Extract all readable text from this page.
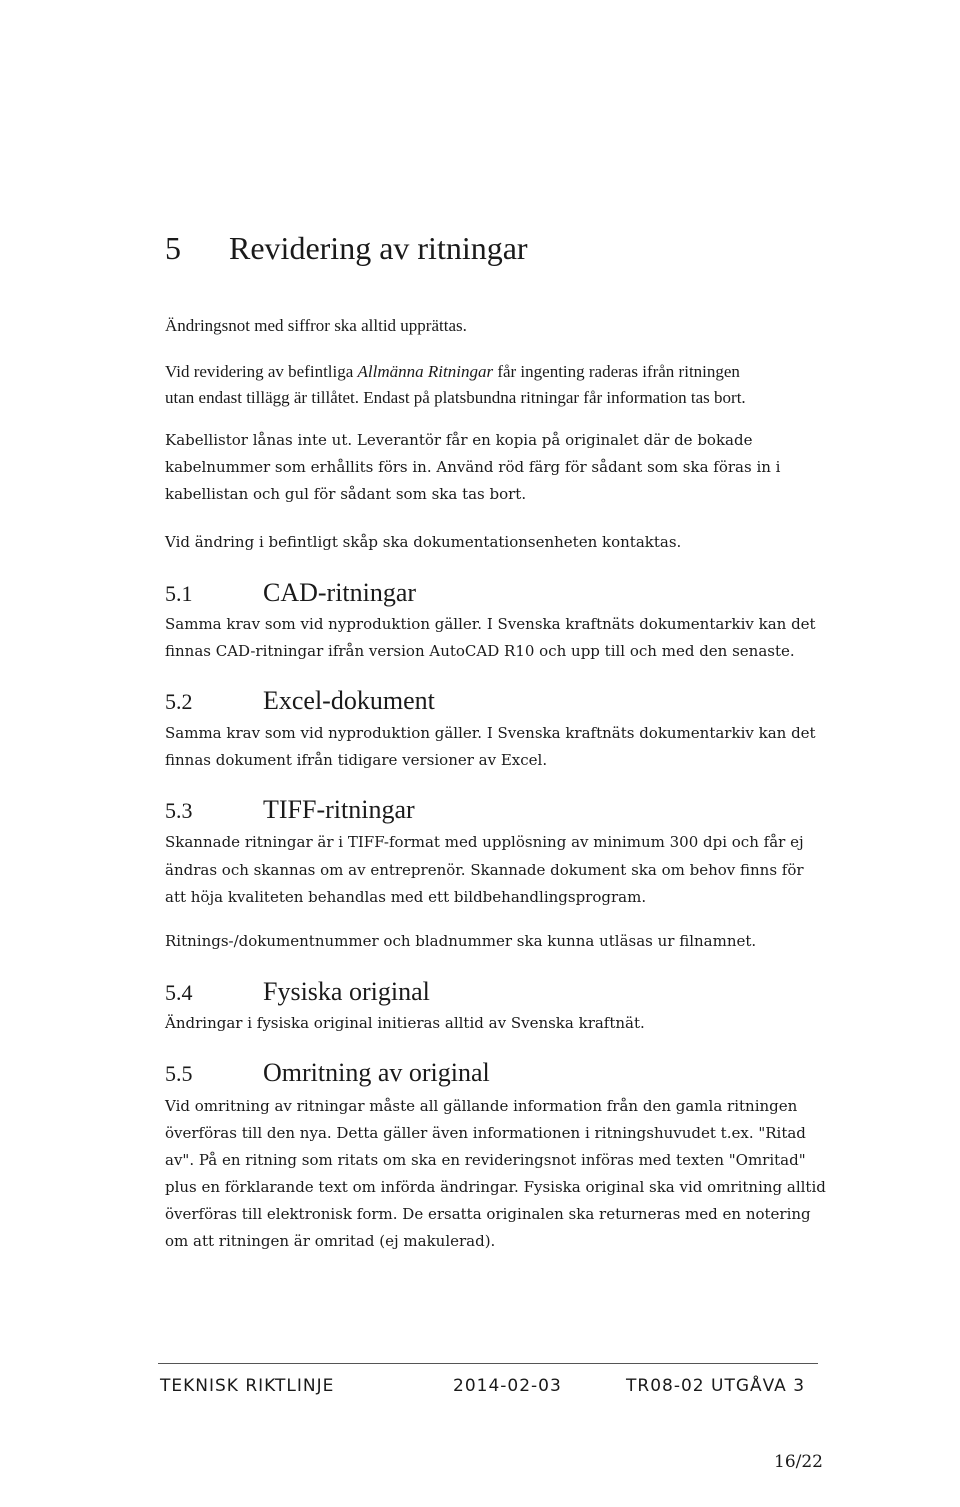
5 Revidering av ritningar
Ändringsnot med siffror ska alltid upprättas.
Vid revidering av befintliga Allmänna Ritningar får ingenting raderas ifrån ritningen
utan endast tillägg är tillåtet. Endast på platsbundna ritningar får information tas bort.
Kabellistor lånas inte ut. Leverantör får en kopia på originalet där de bokade
kabelnummer som erhållits förs in. Använd röd färg för sådant som ska föras in i
kabellistan och gul för sådant som ska tas bort.
Vid ändring i befintligt skåp ska dokumentationsenheten kontaktas.
5.1	CAD-ritningar
Samma krav som vid nyproduktion gäller. I Svenska kraftnäts dokumentarkiv kan det
finnas CAD-ritningar ifrån version AutoCAD R10 och upp till och med den senaste.
5.2	Excel-dokument
Samma krav som vid nyproduktion gäller. I Svenska kraftnäts dokumentarkiv kan det
finnas dokument ifrån tidigare versioner av Excel.
5.3	TIFF-ritningar
Skannade ritningar är i TIFF-format med upplösning av minimum 300 dpi och får ej
ändras och skannas om av entreprenör. Skannade dokument ska om behov finns för
att höja kvaliteten behandlas med ett bildbehandlingsprogram.
Ritnings-/dokumentnummer och bladnummer ska kunna utläsas ur filnamnet.
5.4	Fysiska original
Ändringar i fysiska original initieras alltid av Svenska kraftnät.
5.5	Omritning av original
Vid omritning av ritningar måste all gällande information från den gamla ritningen
överföras till den nya. Detta gäller även informationen i ritningshuvudet t.ex. "Ritad
av". På en ritning som ritats om ska en revideringsnot införas med texten "Omritad"
plus en förklarande text om införda ändringar. Fysiska original ska vid omritning alltid
överföras till elektronisk form. De ersatta originalen ska returneras med en notering
om att ritningen är omritad (ej makulerad).
TEKNISK RIKTLINJE	2014-02-03	TR08-02 UTGÅVA 3
16/22
